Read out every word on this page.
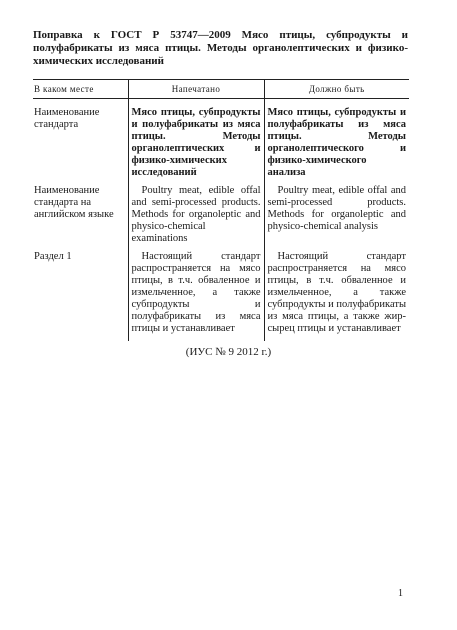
Поправка к ГОСТ Р 53747—2009 Мясо птицы, субпродукты и полуфабрикаты из мяса птицы. Методы органолептических и физико-химических исследований

В каком месте	Напечатано	Должно быть
Наименование стандарта	Мясо птицы, субпродукты и полуфабрикаты из мяса птицы. Методы органолептических и физико-химических исследований	Мясо птицы, субпродукты и полуфабрикаты из мяса птицы. Методы органолептического и физико-химического анализа
Наименование стандарта на английском языке	Poultry meat, edible offal and semi-processed products. Methods for organoleptic and physico-chemical examinations	Poultry meat, edible offal and semi-processed products. Methods for organoleptic and physico-chemical analysis
Раздел 1	Настоящий стандарт распространяется на мясо птицы, в т.ч. обваленное и измельченное, а также субпродукты и полуфабрикаты из мяса птицы и устанавливает	Настоящий стандарт распространяется на мясо птицы, в т.ч. обваленное и измельченное, а также субпродукты и полуфабрикаты из мяса птицы, а также жир-сырец птицы и устанавливает
(ИУС № 9 2012 г.)
1
